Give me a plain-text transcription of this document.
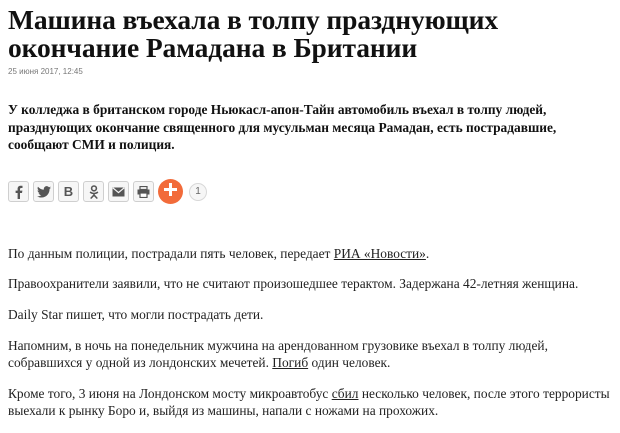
Машина въехала в толпу празднующих окончание Рамадана в Британии
25 июня 2017, 12:45
У колледжа в британском городе Ньюкасл-апон-Тайн автомобиль въехал в толпу людей, празднующих окончание священного для мусульман месяца Рамадан, есть пострадавшие, сообщают СМИ и полиция.
В	1

По данным полиции, пострадали пять человек, передает РИА «Новости».

Правоохранители заявили, что не считают произошедшее терактом. Задержана 42-летняя женщина.

Daily Star пишет, что могли пострадать дети.

Напомним, в ночь на понедельник мужчина на арендованном грузовике въехал в толпу людей, собравшихся у одной из лондонских мечетей. Погиб один человек.

Кроме того, 3 июня на Лондонском мосту микроавтобус сбил несколько человек, после этого террористы выехали к рынку Боро и, выйдя из машины, напали с ножами на прохожих.
